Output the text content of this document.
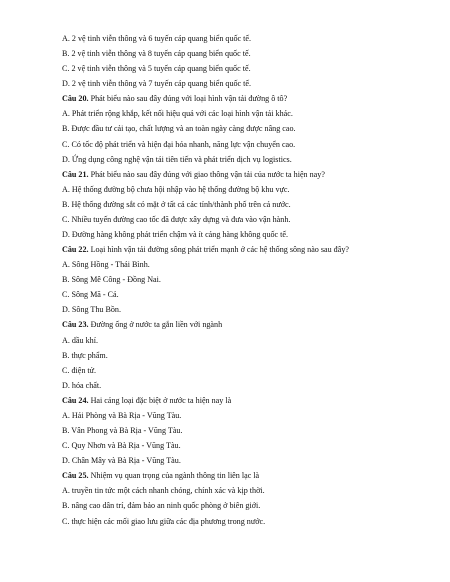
A. 2 vệ tinh viễn thông và 6 tuyến cáp quang biển quốc tế.
B. 2 vệ tinh viễn thông và 8 tuyến cáp quang biển quốc tế.
C. 2 vệ tinh viễn thông và 5 tuyến cáp quang biển quốc tế.
D. 2 vệ tinh viễn thông và 7 tuyến cáp quang biển quốc tế.
Câu 20. Phát biểu nào sau đây đúng với loại hình vận tải đường ô tô?
A. Phát triển rộng khắp, kết nối hiệu quả với các loại hình vận tải khác.
B. Được đầu tư cải tạo, chất lượng và an toàn ngày càng được nâng cao.
C. Có tốc độ phát triển và hiện đại hóa nhanh, năng lực vận chuyển cao.
D. Ứng dụng công nghệ vận tải tiên tiến và phát triển dịch vụ logistics.
Câu 21. Phát biểu nào sau đây đúng với giao thông vận tải của nước ta hiện nay?
A. Hệ thống đường bộ chưa hội nhập vào hệ thống đường bộ khu vực.
B. Hệ thống đường sắt có mặt ở tất cả các tỉnh/thành phố trên cả nước.
C. Nhiều tuyến đường cao tốc đã được xây dựng và đưa vào vận hành.
D. Đường hàng không phát triển chậm và ít cảng hàng không quốc tế.
Câu 22. Loại hình vận tải đường sông phát triển mạnh ở các hệ thống sông nào sau đây?
A. Sông Hồng - Thái Bình.
B. Sông Mê Công - Đồng Nai.
C. Sông Mã - Cả.
D. Sông Thu Bồn.
Câu 23. Đường ống ở nước ta gắn liền với ngành
A. dầu khí.
B. thực phẩm.
C. điện tử.
D. hóa chất.
Câu 24. Hai cảng loại đặc biệt ở nước ta hiện nay là
A. Hải Phòng và Bà Rịa - Vũng Tàu.
B. Vân Phong và Bà Rịa - Vũng Tàu.
C. Quy Nhơn và Bà Rịa - Vũng Tàu.
D. Chân Mây và Bà Rịa - Vũng Tàu.
Câu 25. Nhiệm vụ quan trọng của ngành thông tin liên lạc là
A. truyền tin tức một cách nhanh chóng, chính xác và kịp thời.
B. nâng cao dân trí, đảm bảo an ninh quốc phòng ở biên giới.
C. thực hiện các mối giao lưu giữa các địa phương trong nước.
